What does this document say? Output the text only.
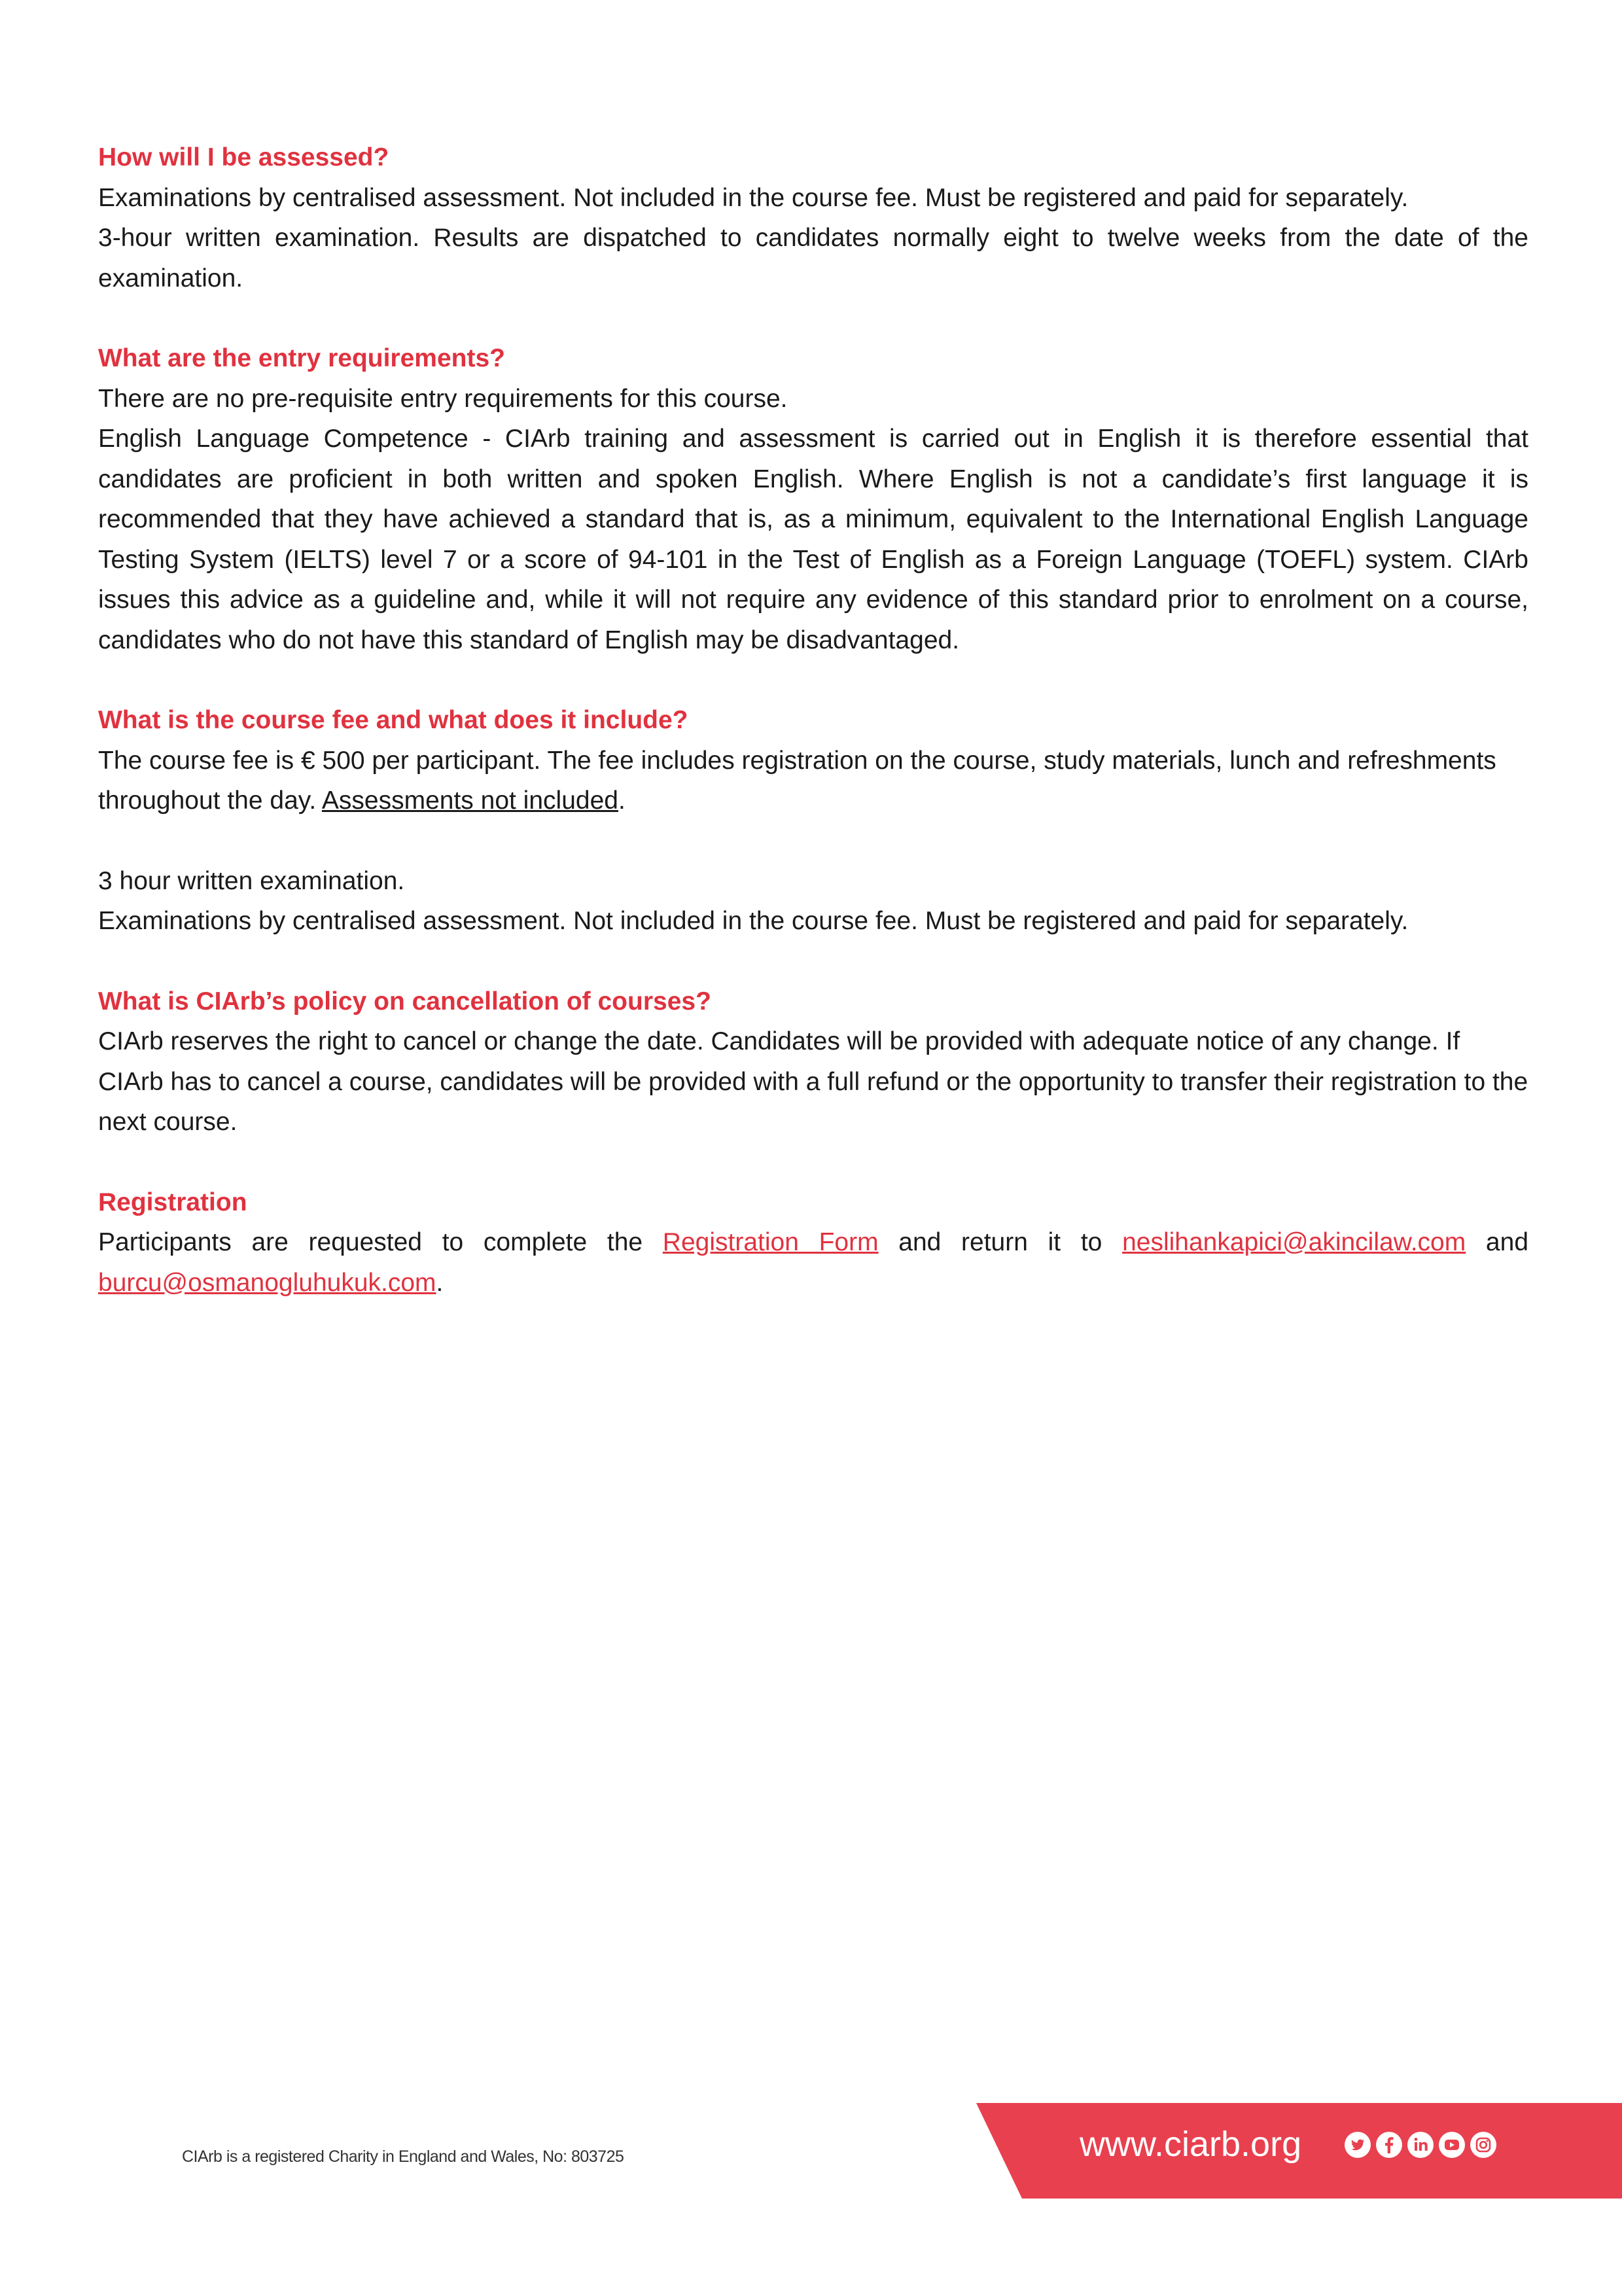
How will I be assessed?

Examinations by centralised assessment. Not included in the course fee. Must be registered and paid for separately.

3-hour written examination. Results are dispatched to candidates normally eight to twelve weeks from the date of the examination.

What are the entry requirements?

There are no pre-requisite entry requirements for this course.

English Language Competence - CIArb training and assessment is carried out in English it is therefore essential that candidates are proficient in both written and spoken English. Where English is not a candidate’s first language it is recommended that they have achieved a standard that is, as a minimum, equivalent to the International English Language Testing System (IELTS) level 7 or a score of 94-101 in the Test of English as a Foreign Language (TOEFL) system. CIArb issues this advice as a guideline and, while it will not require any evidence of this standard prior to enrolment on a course, candidates who do not have this standard of English may be disadvantaged.

What is the course fee and what does it include?

The course fee is € 500 per participant. The fee includes registration on the course, study materials, lunch and refreshments throughout the day. Assessments not included.

3 hour written examination.

Examinations by centralised assessment. Not included in the course fee. Must be registered and paid for separately.

What is CIArb’s policy on cancellation of courses?

CIArb reserves the right to cancel or change the date. Candidates will be provided with adequate notice of any change. If CIArb has to cancel a course, candidates will be provided with a full refund or the opportunity to transfer their registration to the next course.

Registration

Participants are requested to complete the Registration Form and return it to neslihankapici@akincilaw.com and burcu@osmanogluhukuk.com.

CIArb is a registered Charity in England and Wales, No: 803725	www.ciarb.org
